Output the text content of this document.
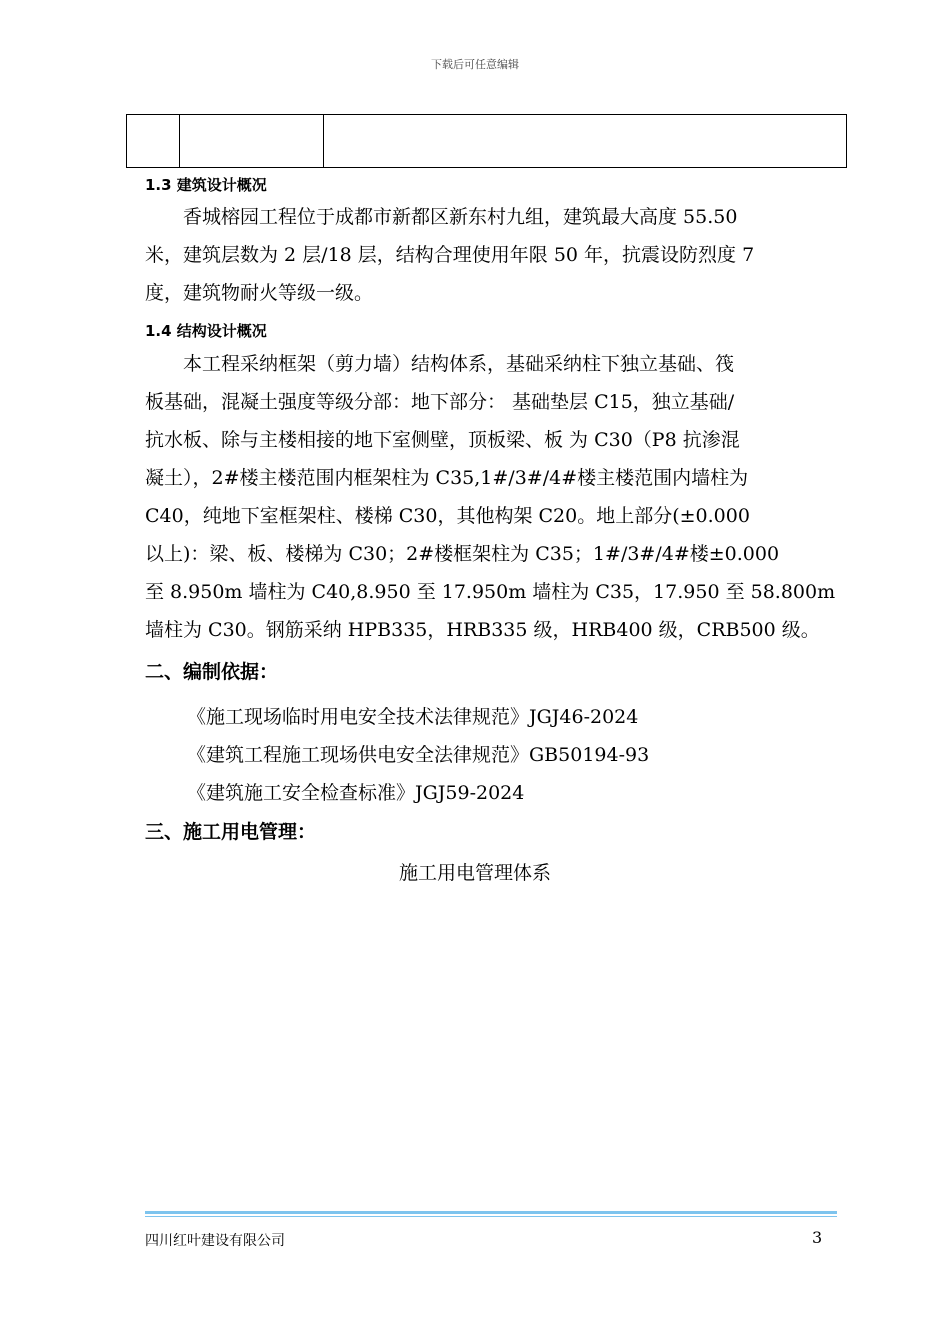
下载后可任意编辑
1.3 建筑设计概况
　　香城榕园工程位于成都市新都区新东村九组，建筑最大高度 55.50
米，建筑层数为 2 层/18 层，结构合理使用年限 50 年，抗震设防烈度 7
度，建筑物耐火等级一级。
1.4 结构设计概况
　　本工程采纳框架（剪力墙）结构体系，基础采纳柱下独立基础、筏
板基础，混凝土强度等级分部：地下部分： 基础垫层 C15，独立基础/
抗水板、除与主楼相接的地下室侧壁，顶板梁、板 为 C30（P8 抗渗混
凝土），2#楼主楼范围内框架柱为 C35,1#/3#/4#楼主楼范围内墙柱为
C40，纯地下室框架柱、楼梯 C30，其他构架 C20。地上部分(±0.000
以上)：梁、板、楼梯为 C30；2#楼框架柱为 C35；1#/3#/4#楼±0.000
至 8.950m 墙柱为 C40,8.950 至 17.950m 墙柱为 C35，17.950 至 58.800m
墙柱为 C30。钢筋采纳 HPB335，HRB335 级，HRB400 级，CRB500 级。
二、编制依据：
《施工现场临时用电安全技术法律规范》JGJ46-2024
《建筑工程施工现场供电安全法律规范》GB50194-93
《建筑施工安全检查标准》JGJ59-2024
三、施工用电管理：
施工用电管理体系
四川红叶建设有限公司	3
